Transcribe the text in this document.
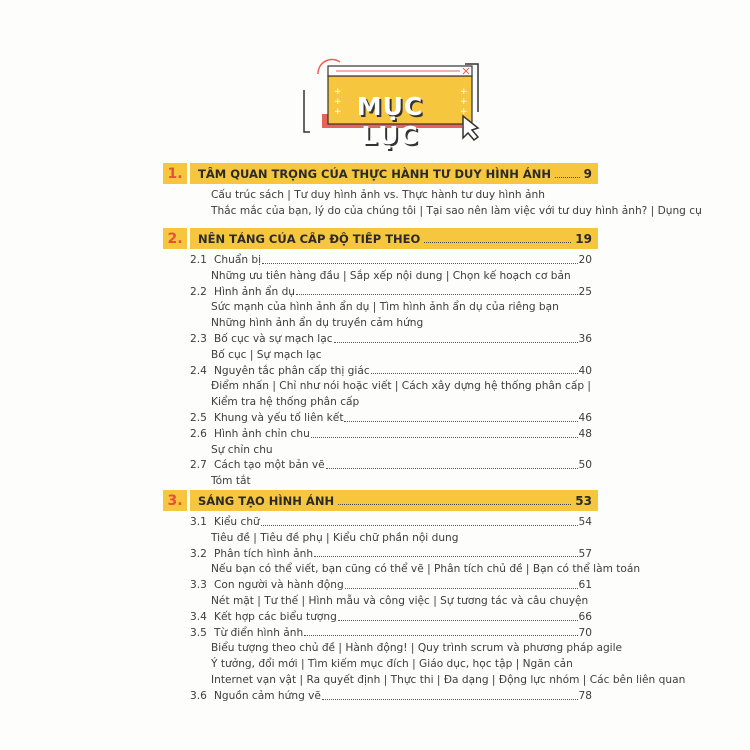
+
+
+
+
+
+
MỤC LỤC
1.	TẦM QUAN TRỌNG CỦA THỰC HÀNH TƯ DUY HÌNH ẢNH	9
Cấu trúc sách | Tư duy hình ảnh vs. Thực hành tư duy hình ảnh
Thắc mắc của bạn, lý do của chúng tôi | Tại sao nên làm việc với tư duy hình ảnh? | Dụng cụ
2.	NỀN TẢNG CỦA CẤP ĐỘ TIẾP THEO	19
2.1 Chuẩn bị	20
Những ưu tiên hàng đầu | Sắp xếp nội dung | Chọn kế hoạch cơ bản
2.2 Hình ảnh ẩn dụ	25
Sức mạnh của hình ảnh ẩn dụ | Tìm hình ảnh ẩn dụ của riêng bạn
Những hình ảnh ẩn dụ truyền cảm hứng
2.3 Bố cục và sự mạch lạc	36
Bố cục | Sự mạch lạc
2.4 Nguyên tắc phân cấp thị giác	40
Điểm nhấn | Chỉ như nói hoặc viết | Cách xây dựng hệ thống phân cấp |
Kiểm tra hệ thống phân cấp
2.5 Khung và yếu tố liên kết	46
2.6 Hình ảnh chỉn chu	48
Sự chỉn chu
2.7 Cách tạo một bản vẽ	50
Tóm tắt
3.	SÁNG TẠO HÌNH ẢNH	53
3.1 Kiểu chữ	54
Tiêu đề | Tiêu đề phụ | Kiểu chữ phần nội dung
3.2 Phân tích hình ảnh	57
Nếu bạn có thể viết, bạn cũng có thể vẽ | Phân tích chủ đề | Bạn có thể làm toán
3.3 Con người và hành động	61
Nét mặt | Tư thế | Hình mẫu và công việc | Sự tương tác và câu chuyện
3.4 Kết hợp các biểu tượng	66
3.5 Từ điển hình ảnh	70
Biểu tượng theo chủ đề | Hành động! | Quy trình scrum và phương pháp agile
Ý tưởng, đổi mới | Tìm kiếm mục đích | Giáo dục, học tập | Ngăn cản
Internet vạn vật | Ra quyết định | Thực thi | Đa dạng | Động lực nhóm | Các bên liên quan
3.6 Nguồn cảm hứng vẽ	78
